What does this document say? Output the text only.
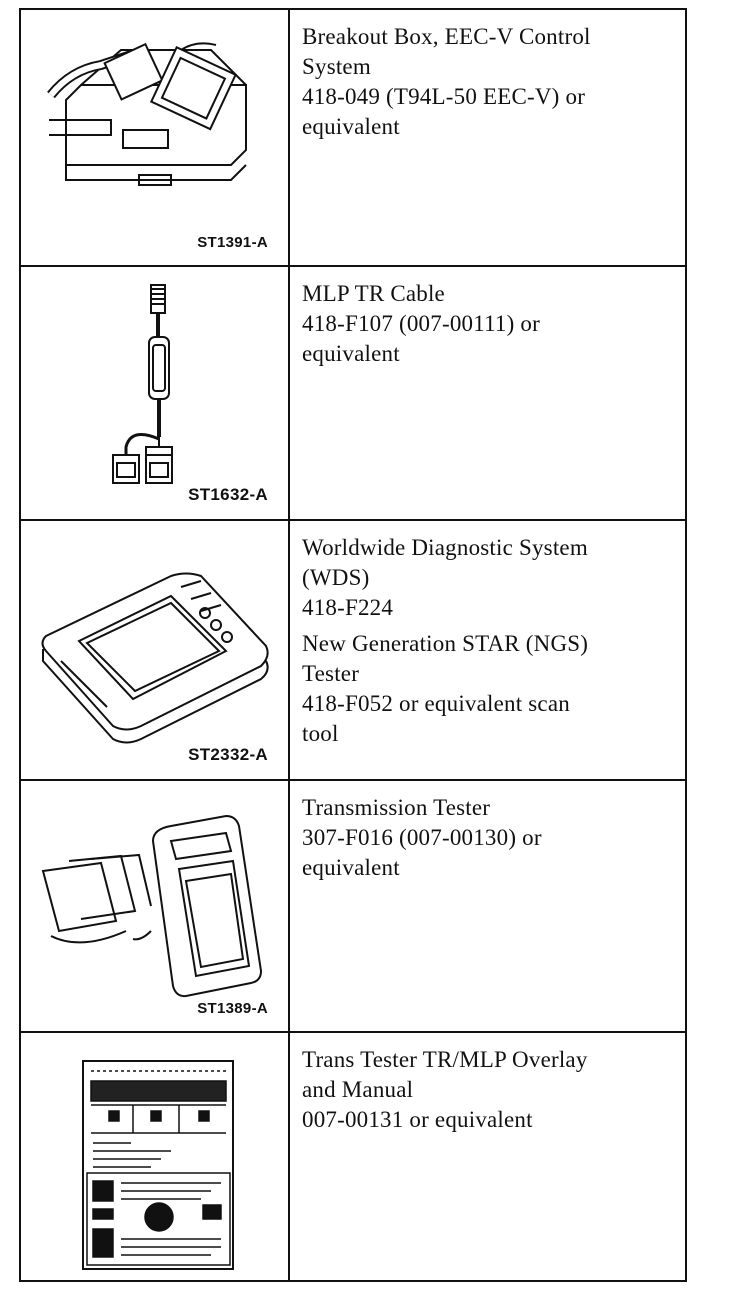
ST1391-A
Breakout Box, EEC-V Control
System
418-049 (T94L-50 EEC-V) or
equivalent
ST1632-A
MLP TR Cable
418-F107 (007-00111) or
equivalent
ST2332-A
Worldwide Diagnostic System
(WDS)
418-F224
New Generation STAR (NGS)
Tester
418-F052 or equivalent scan
tool
ST1389-A
Transmission Tester
307-F016 (007-00130) or
equivalent
Trans Tester TR/MLP Overlay
and Manual
007-00131 or equivalent
